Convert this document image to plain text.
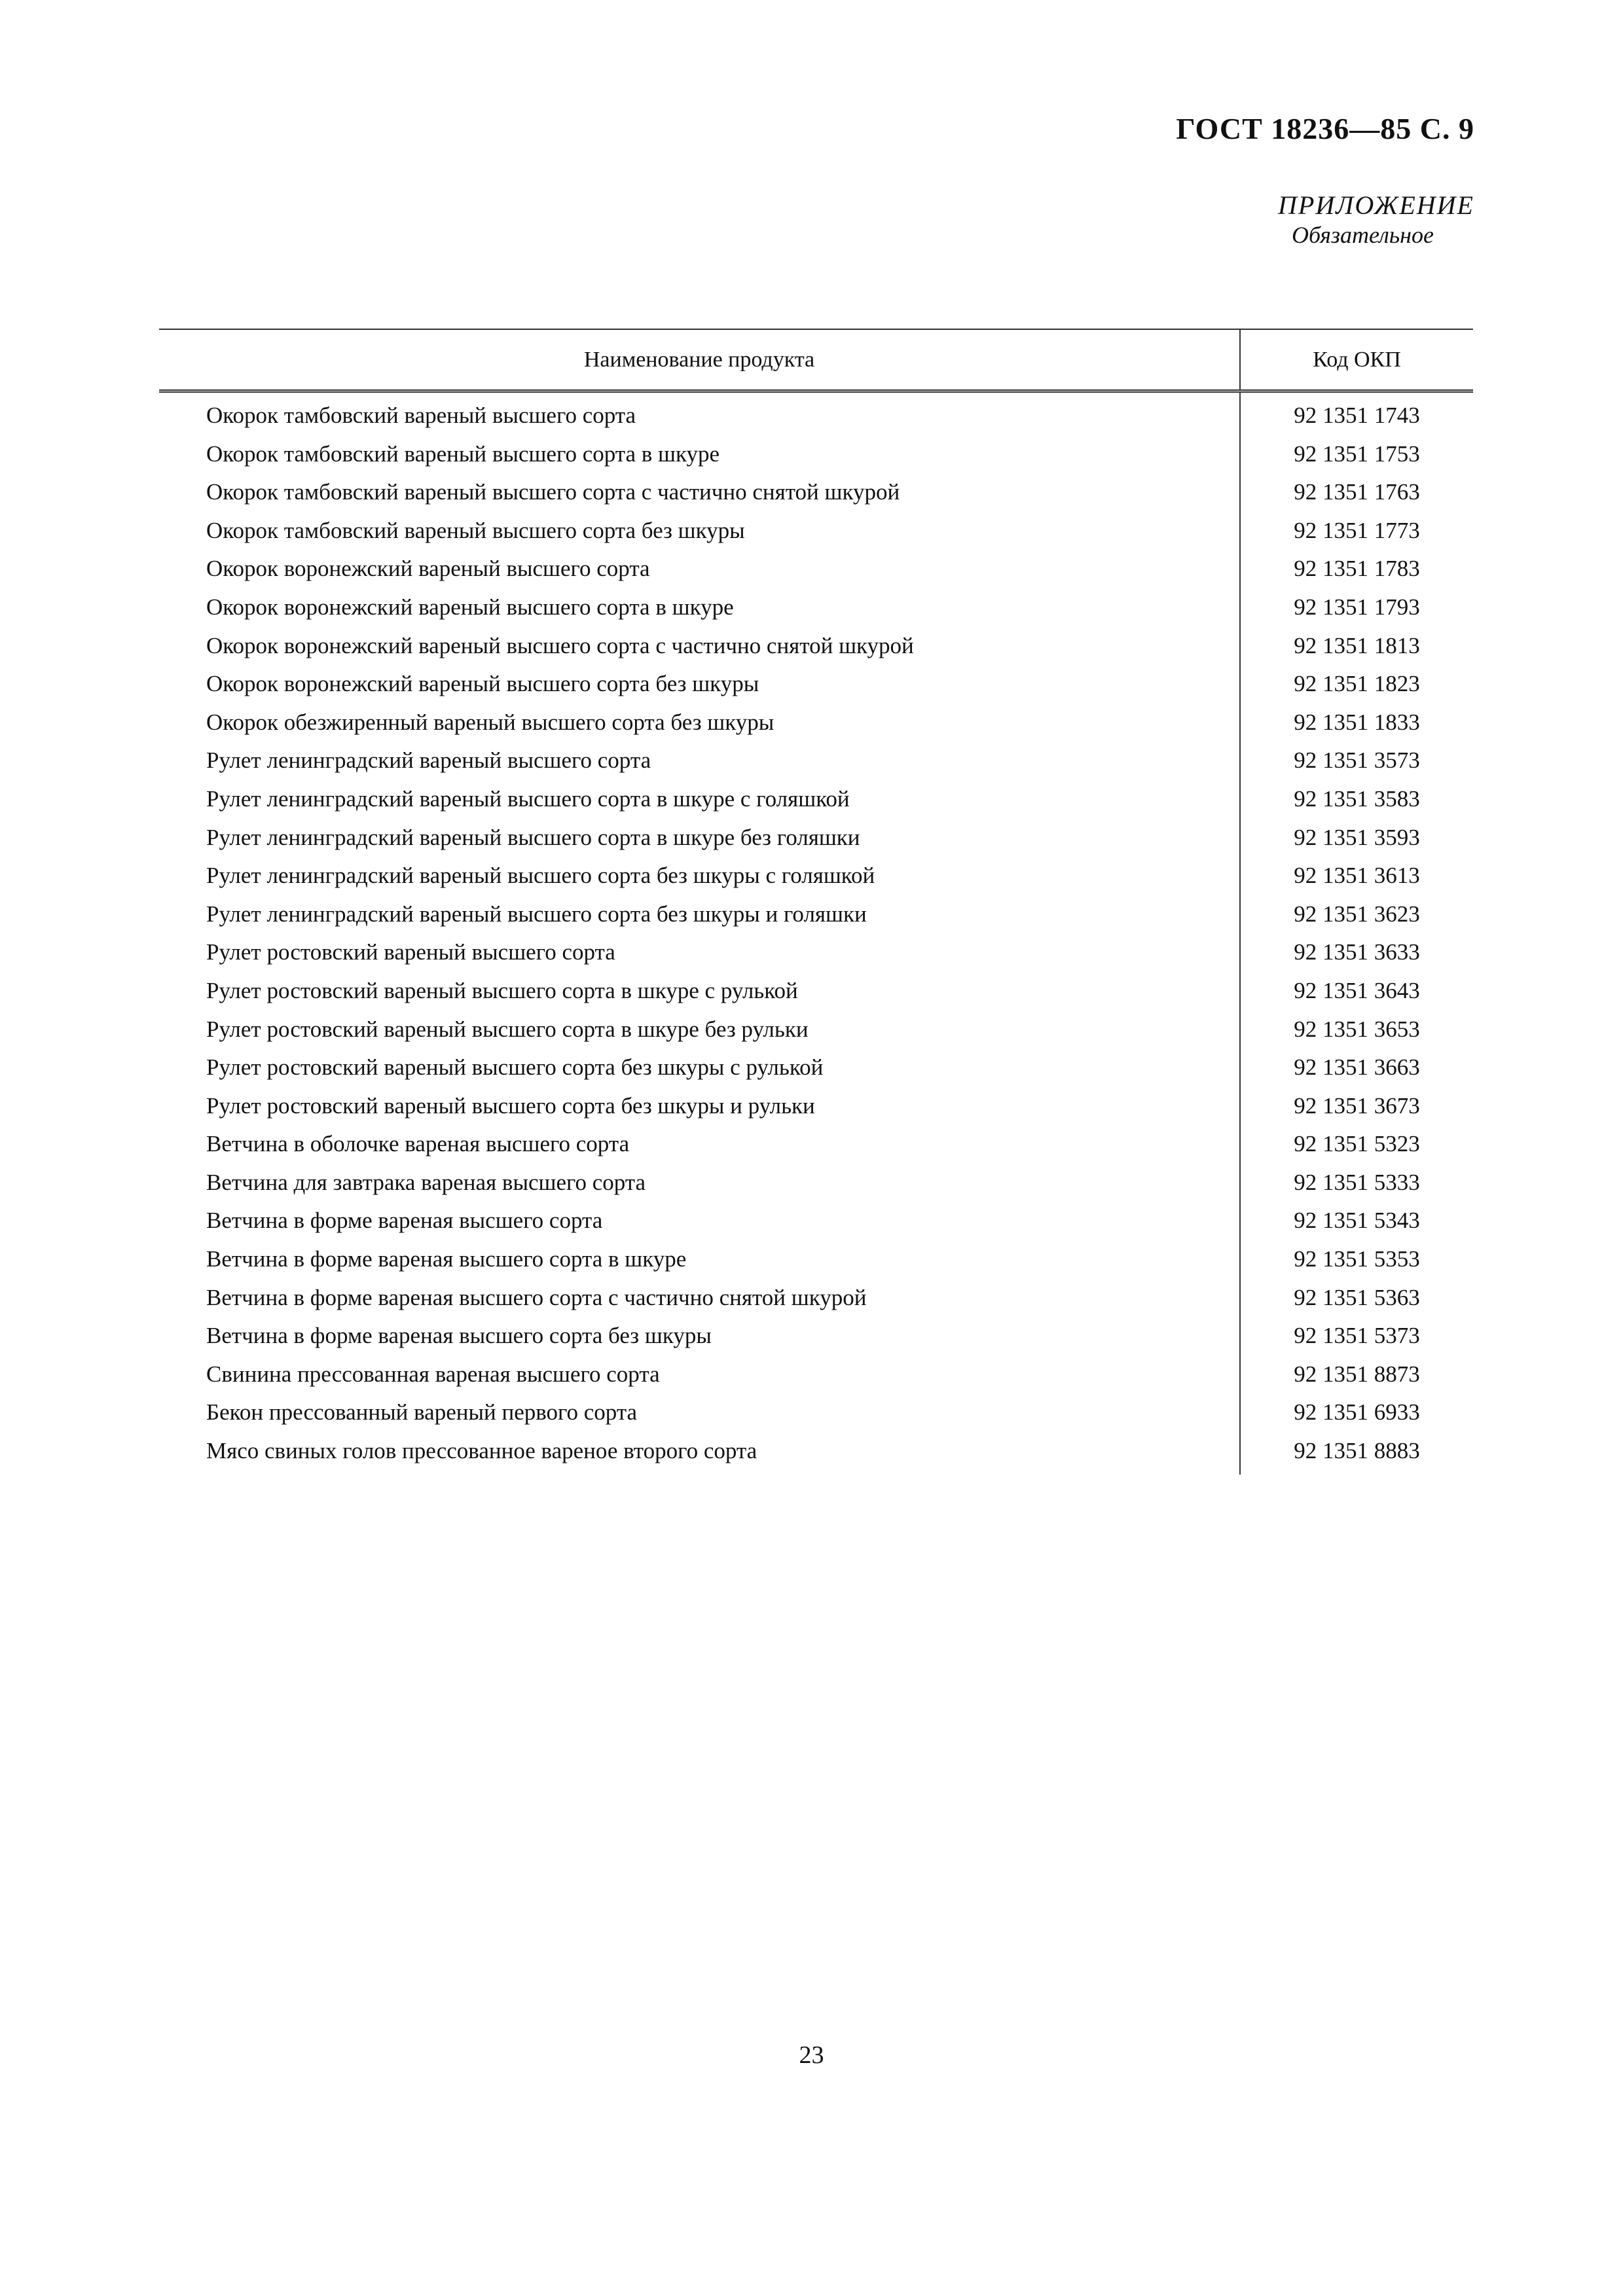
ГОСТ 18236—85 С. 9
ПРИЛОЖЕНИЕ
Обязательное
Наименование продукта	Код ОКП
Окорок тамбовский вареный высшего сорта
Окорок тамбовский вареный высшего сорта в шкуре
Окорок тамбовский вареный высшего сорта с частично снятой шкурой
Окорок тамбовский вареный высшего сорта без шкуры
Окорок воронежский вареный высшего сорта
Окорок воронежский вареный высшего сорта в шкуре
Окорок воронежский вареный высшего сорта с частично снятой шкурой
Окорок воронежский вареный высшего сорта без шкуры
Окорок обезжиренный вареный высшего сорта без шкуры
Рулет ленинградский вареный высшего сорта
Рулет ленинградский вареный высшего сорта в шкуре с голяшкой
Рулет ленинградский вареный высшего сорта в шкуре без голяшки
Рулет ленинградский вареный высшего сорта без шкуры с голяшкой
Рулет ленинградский вареный высшего сорта без шкуры и голяшки
Рулет ростовский вареный высшего сорта
Рулет ростовский вареный высшего сорта в шкуре с рулькой
Рулет ростовский вареный высшего сорта в шкуре без рульки
Рулет ростовский вареный высшего сорта без шкуры с рулькой
Рулет ростовский вареный высшего сорта без шкуры и рульки
Ветчина в оболочке вареная высшего сорта
Ветчина для завтрака вареная высшего сорта
Ветчина в форме вареная высшего сорта
Ветчина в форме вареная высшего сорта в шкуре
Ветчина в форме вареная высшего сорта с частично снятой шкурой
Ветчина в форме вареная высшего сорта без шкуры
Свинина прессованная вареная высшего сорта
Бекон прессованный вареный первого сорта
Мясо свиных голов прессованное вареное второго сорта
92 1351 1743
92 1351 1753
92 1351 1763
92 1351 1773
92 1351 1783
92 1351 1793
92 1351 1813
92 1351 1823
92 1351 1833
92 1351 3573
92 1351 3583
92 1351 3593
92 1351 3613
92 1351 3623
92 1351 3633
92 1351 3643
92 1351 3653
92 1351 3663
92 1351 3673
92 1351 5323
92 1351 5333
92 1351 5343
92 1351 5353
92 1351 5363
92 1351 5373
92 1351 8873
92 1351 6933
92 1351 8883
23
